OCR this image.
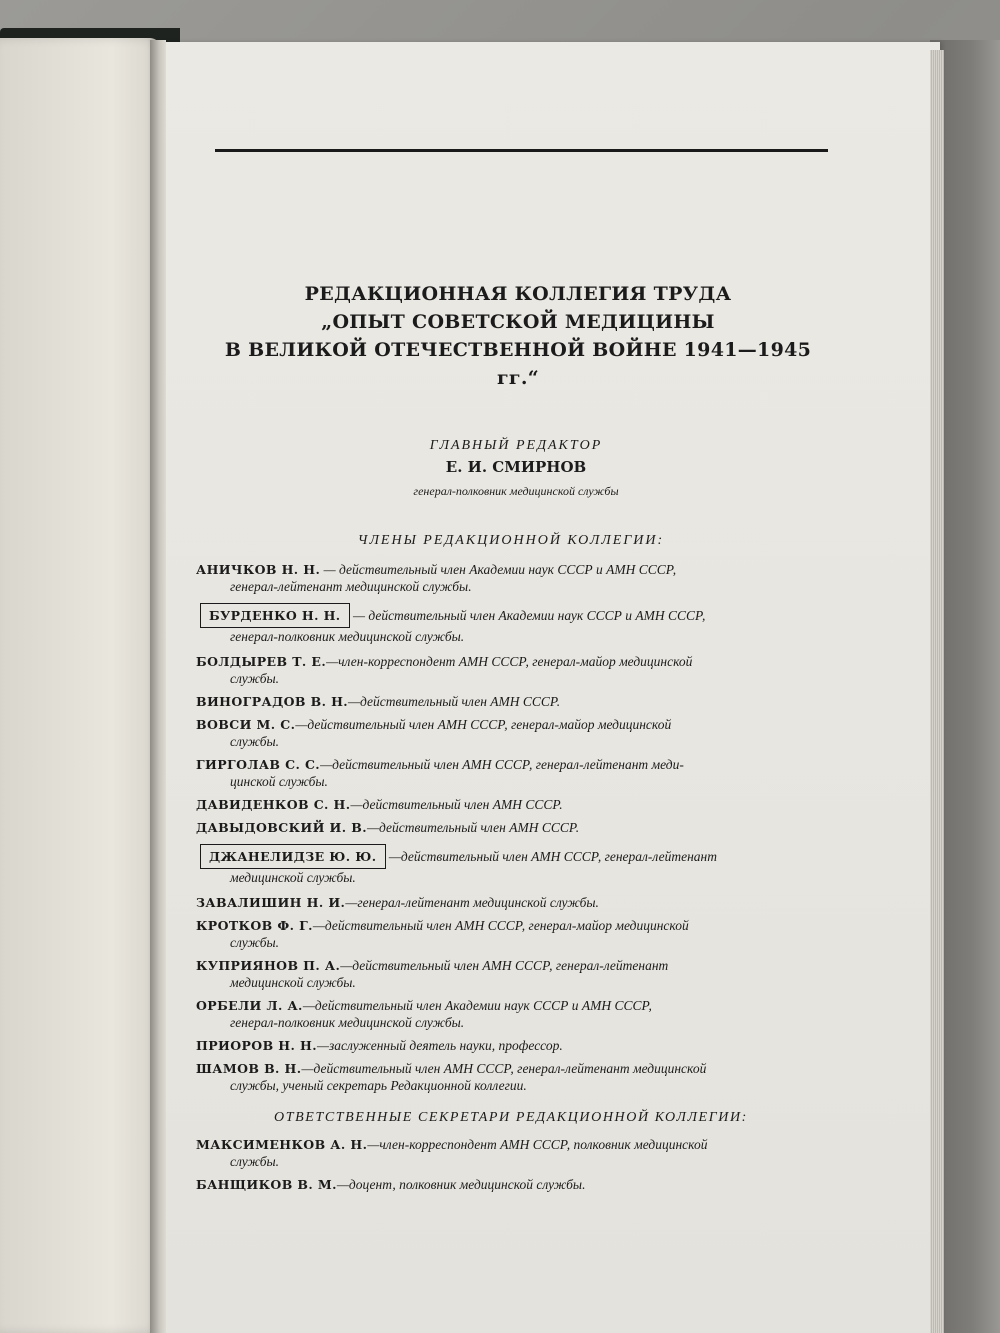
РЕДАКЦИОННАЯ КОЛЛЕГИЯ ТРУДА
„ОПЫТ СОВЕТСКОЙ МЕДИЦИНЫ
В ВЕЛИКОЙ ОТЕЧЕСТВЕННОЙ ВОЙНЕ 1941—1945 гг.“
ГЛАВНЫЙ РЕДАКТОР
Е. И. СМИРНОВ
генерал-полковник медицинской службы
ЧЛЕНЫ РЕДАКЦИОННОЙ КОЛЛЕГИИ:
АНИЧКОВ Н. Н. — действительный член Академии наук СССР и АМН СССР,
генерал-лейтенант медицинской службы.
БУРДЕНКО Н. Н. — действительный член Академии наук СССР и АМН СССР,
генерал-полковник медицинской службы.
БОЛДЫРЕВ Т. Е.—член-корреспондент АМН СССР, генерал-майор медицинской
службы.
ВИНОГРАДОВ В. Н.—действительный член АМН СССР.
ВОВСИ М. С.—действительный член АМН СССР, генерал-майор медицинской
службы.
ГИРГОЛАВ С. С.—действительный член АМН СССР, генерал-лейтенант меди-
цинской службы.
ДАВИДЕНКОВ С. Н.—действительный член АМН СССР.
ДАВЫДОВСКИЙ И. В.—действительный член АМН СССР.
ДЖАНЕЛИДЗЕ Ю. Ю. —действительный член АМН СССР, генерал-лейтенант
медицинской службы.
ЗАВАЛИШИН Н. И.—генерал-лейтенант медицинской службы.
КРОТКОВ Ф. Г.—действительный член АМН СССР, генерал-майор медицинской
службы.
КУПРИЯНОВ П. А.—действительный член АМН СССР, генерал-лейтенант
медицинской службы.
ОРБЕЛИ Л. А.—действительный член Академии наук СССР и АМН СССР,
генерал-полковник медицинской службы.
ПРИОРОВ Н. Н.—заслуженный деятель науки, профессор.
ШАМОВ В. Н.—действительный член АМН СССР, генерал-лейтенант медицинской
службы, ученый секретарь Редакционной коллегии.
ОТВЕТСТВЕННЫЕ СЕКРЕТАРИ РЕДАКЦИОННОЙ КОЛЛЕГИИ:
МАКСИМЕНКОВ А. Н.—член-корреспондент АМН СССР, полковник медицинской
службы.
БАНЩИКОВ В. М.—доцент, полковник медицинской службы.
